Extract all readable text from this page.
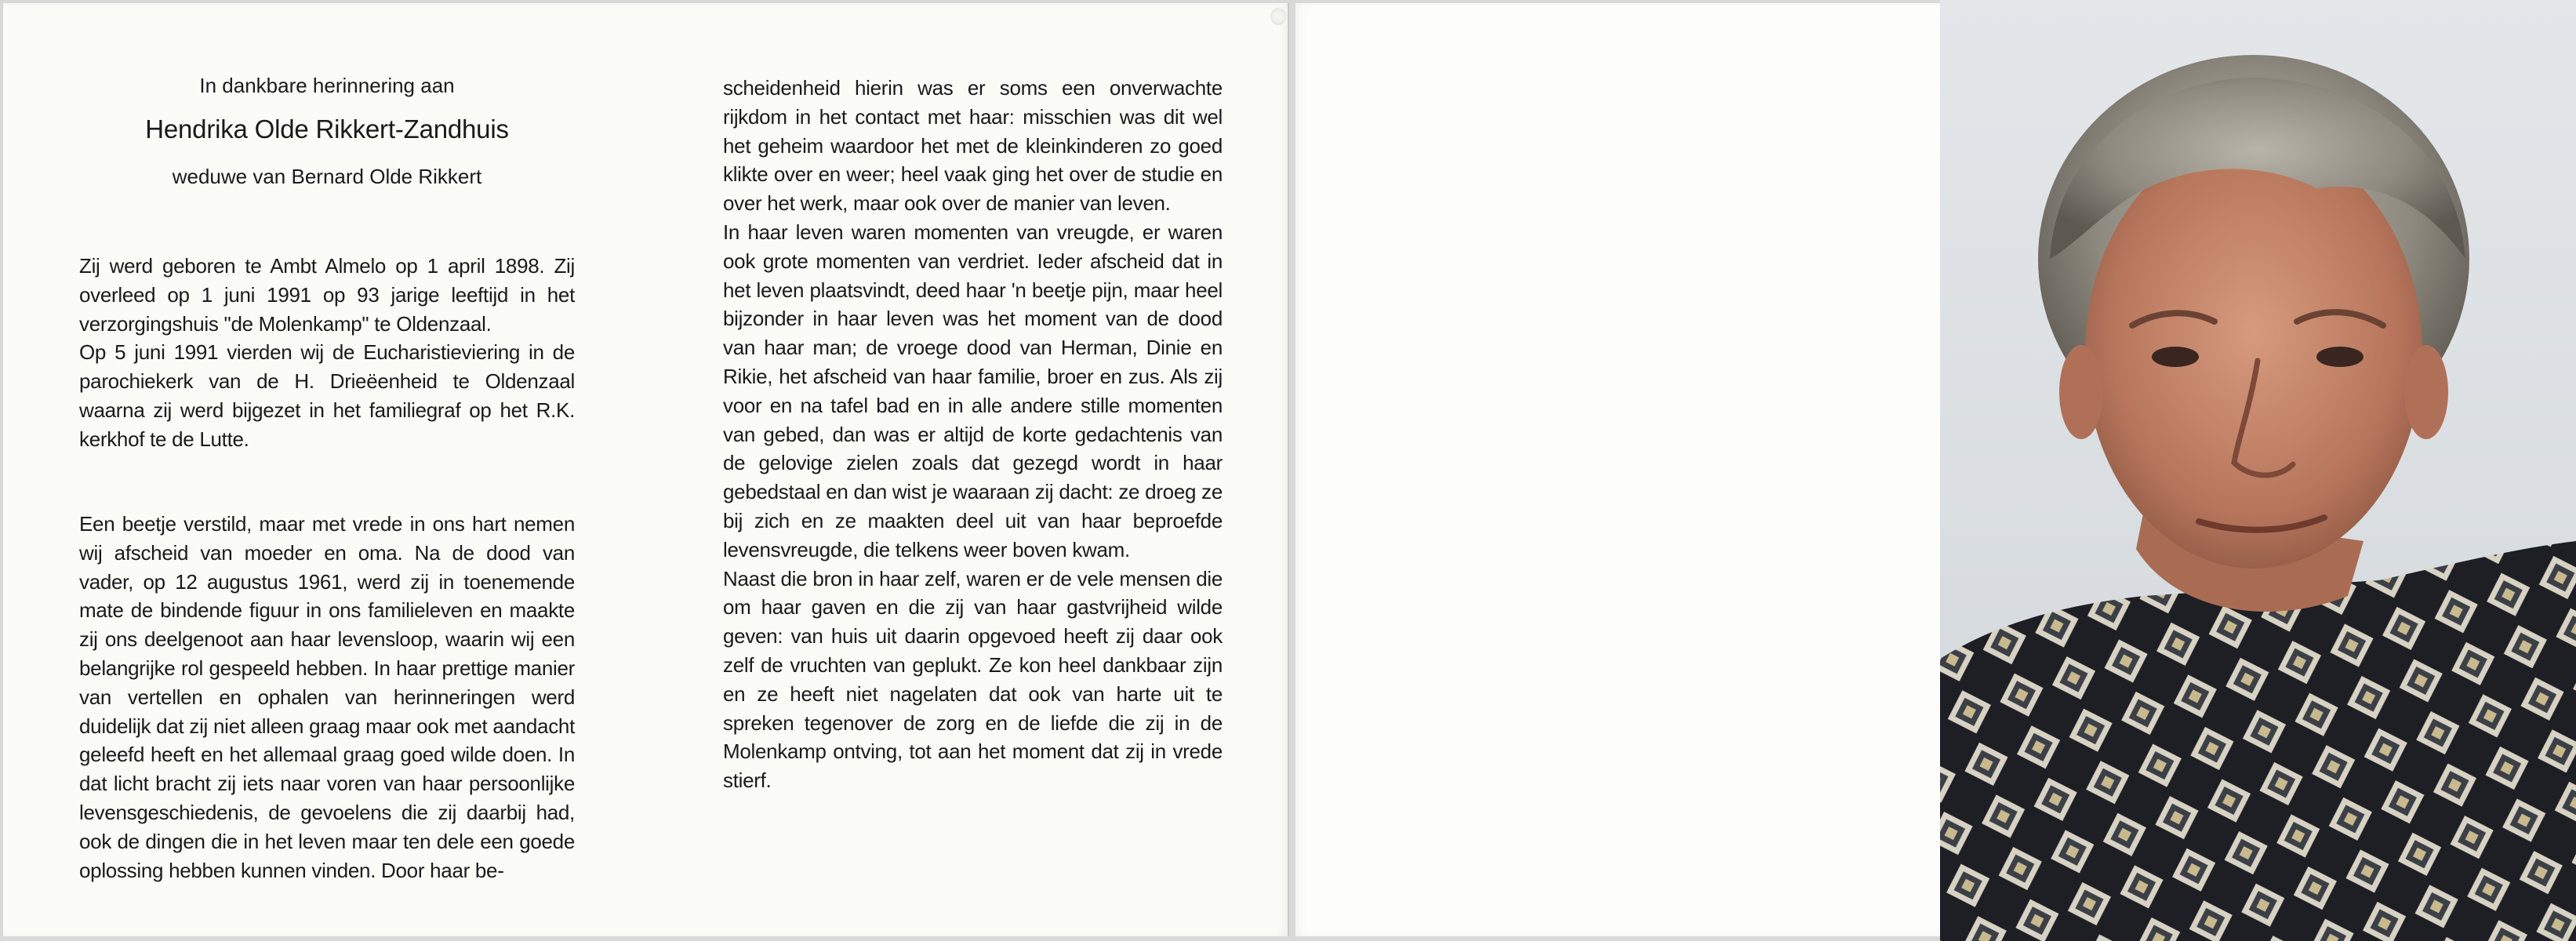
In dankbare herinnering aan
Hendrika Olde Rikkert-Zandhuis
weduwe van Bernard Olde Rikkert

Zij werd geboren te Ambt Almelo op 1 april 1898. Zij overleed op 1 juni 1991 op 93 jarige leeftijd in het verzorgingshuis "de Molenkamp" te Oldenzaal.

Op 5 juni 1991 vierden wij de Eucharistieviering in de parochiekerk van de H. Drieëenheid te Oldenzaal waarna zij werd bijgezet in het familiegraf op het R.K. kerkhof te de Lutte.

Een beetje verstild, maar met vrede in ons hart nemen wij afscheid van moeder en oma. Na de dood van vader, op 12 augustus 1961, werd zij in toenemende mate de bindende figuur in ons familieleven en maakte zij ons deelgenoot aan haar levensloop, waarin wij een belangrijke rol gespeeld hebben. In haar prettige manier van vertellen en ophalen van herinneringen werd duidelijk dat zij niet alleen graag maar ook met aandacht geleefd heeft en het allemaal graag goed wilde doen. In dat licht bracht zij iets naar voren van haar persoonlijke levensgeschiedenis, de gevoelens die zij daarbij had, ook de dingen die in het leven maar ten dele een goede oplossing hebben kunnen vinden. Door haar be-

scheidenheid hierin was er soms een onverwachte rijkdom in het contact met haar: misschien was dit wel het geheim waardoor het met de kleinkinderen zo goed klikte over en weer; heel vaak ging het over de studie en over het werk, maar ook over de manier van leven.

In haar leven waren momenten van vreugde, er waren ook grote momenten van verdriet. Ieder afscheid dat in het leven plaatsvindt, deed haar 'n beetje pijn, maar heel bijzonder in haar leven was het moment van de dood van haar man; de vroege dood van Herman, Dinie en Rikie, het afscheid van haar familie, broer en zus. Als zij voor en na tafel bad en in alle andere stille momenten van gebed, dan was er altijd de korte gedachtenis van de gelovige zielen zoals dat gezegd wordt in haar gebedstaal en dan wist je waaraan zij dacht: ze droeg ze bij zich en ze maakten deel uit van haar beproefde levensvreugde, die telkens weer boven kwam.

Naast die bron in haar zelf, waren er de vele mensen die om haar gaven en die zij van haar gastvrijheid wilde geven: van huis uit daarin opgevoed heeft zij daar ook zelf de vruchten van geplukt. Ze kon heel dankbaar zijn en ze heeft niet nagelaten dat ook van harte uit te spreken tegenover de zorg en de liefde die zij in de Molenkamp ontving, tot aan het moment dat zij in vrede stierf.
